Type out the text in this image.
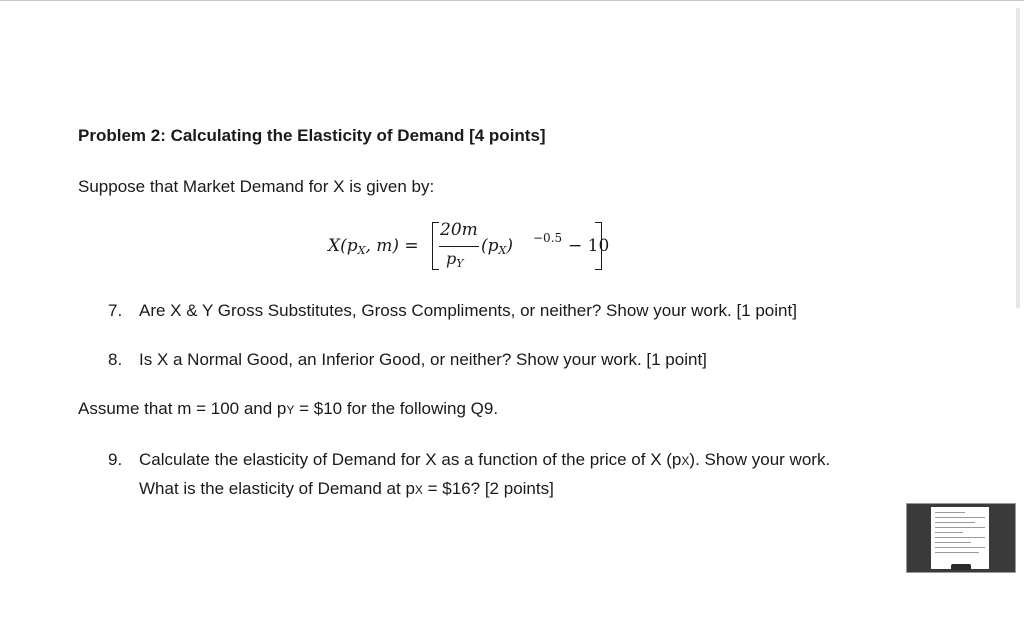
Problem 2: Calculating the Elasticity of Demand [4 points]
Suppose that Market Demand for X is given by:
$X(p_X$, m) =
20m
$p_Y$
$(p_X) -0.5 - 10$
7. Are X & Y Gross Substitutes, Gross Compliments, or neither? Show your work. [1 point]
8. Is X a Normal Good, an Inferior Good, or neither? Show your work. [1 point]
Assume that m = 100 and pY = $10 for the following Q9.
9. Calculate the elasticity of Demand for X as a function of the price of X (pX). Show your work. What is the elasticity of Demand at pX = $16? [2 points]
